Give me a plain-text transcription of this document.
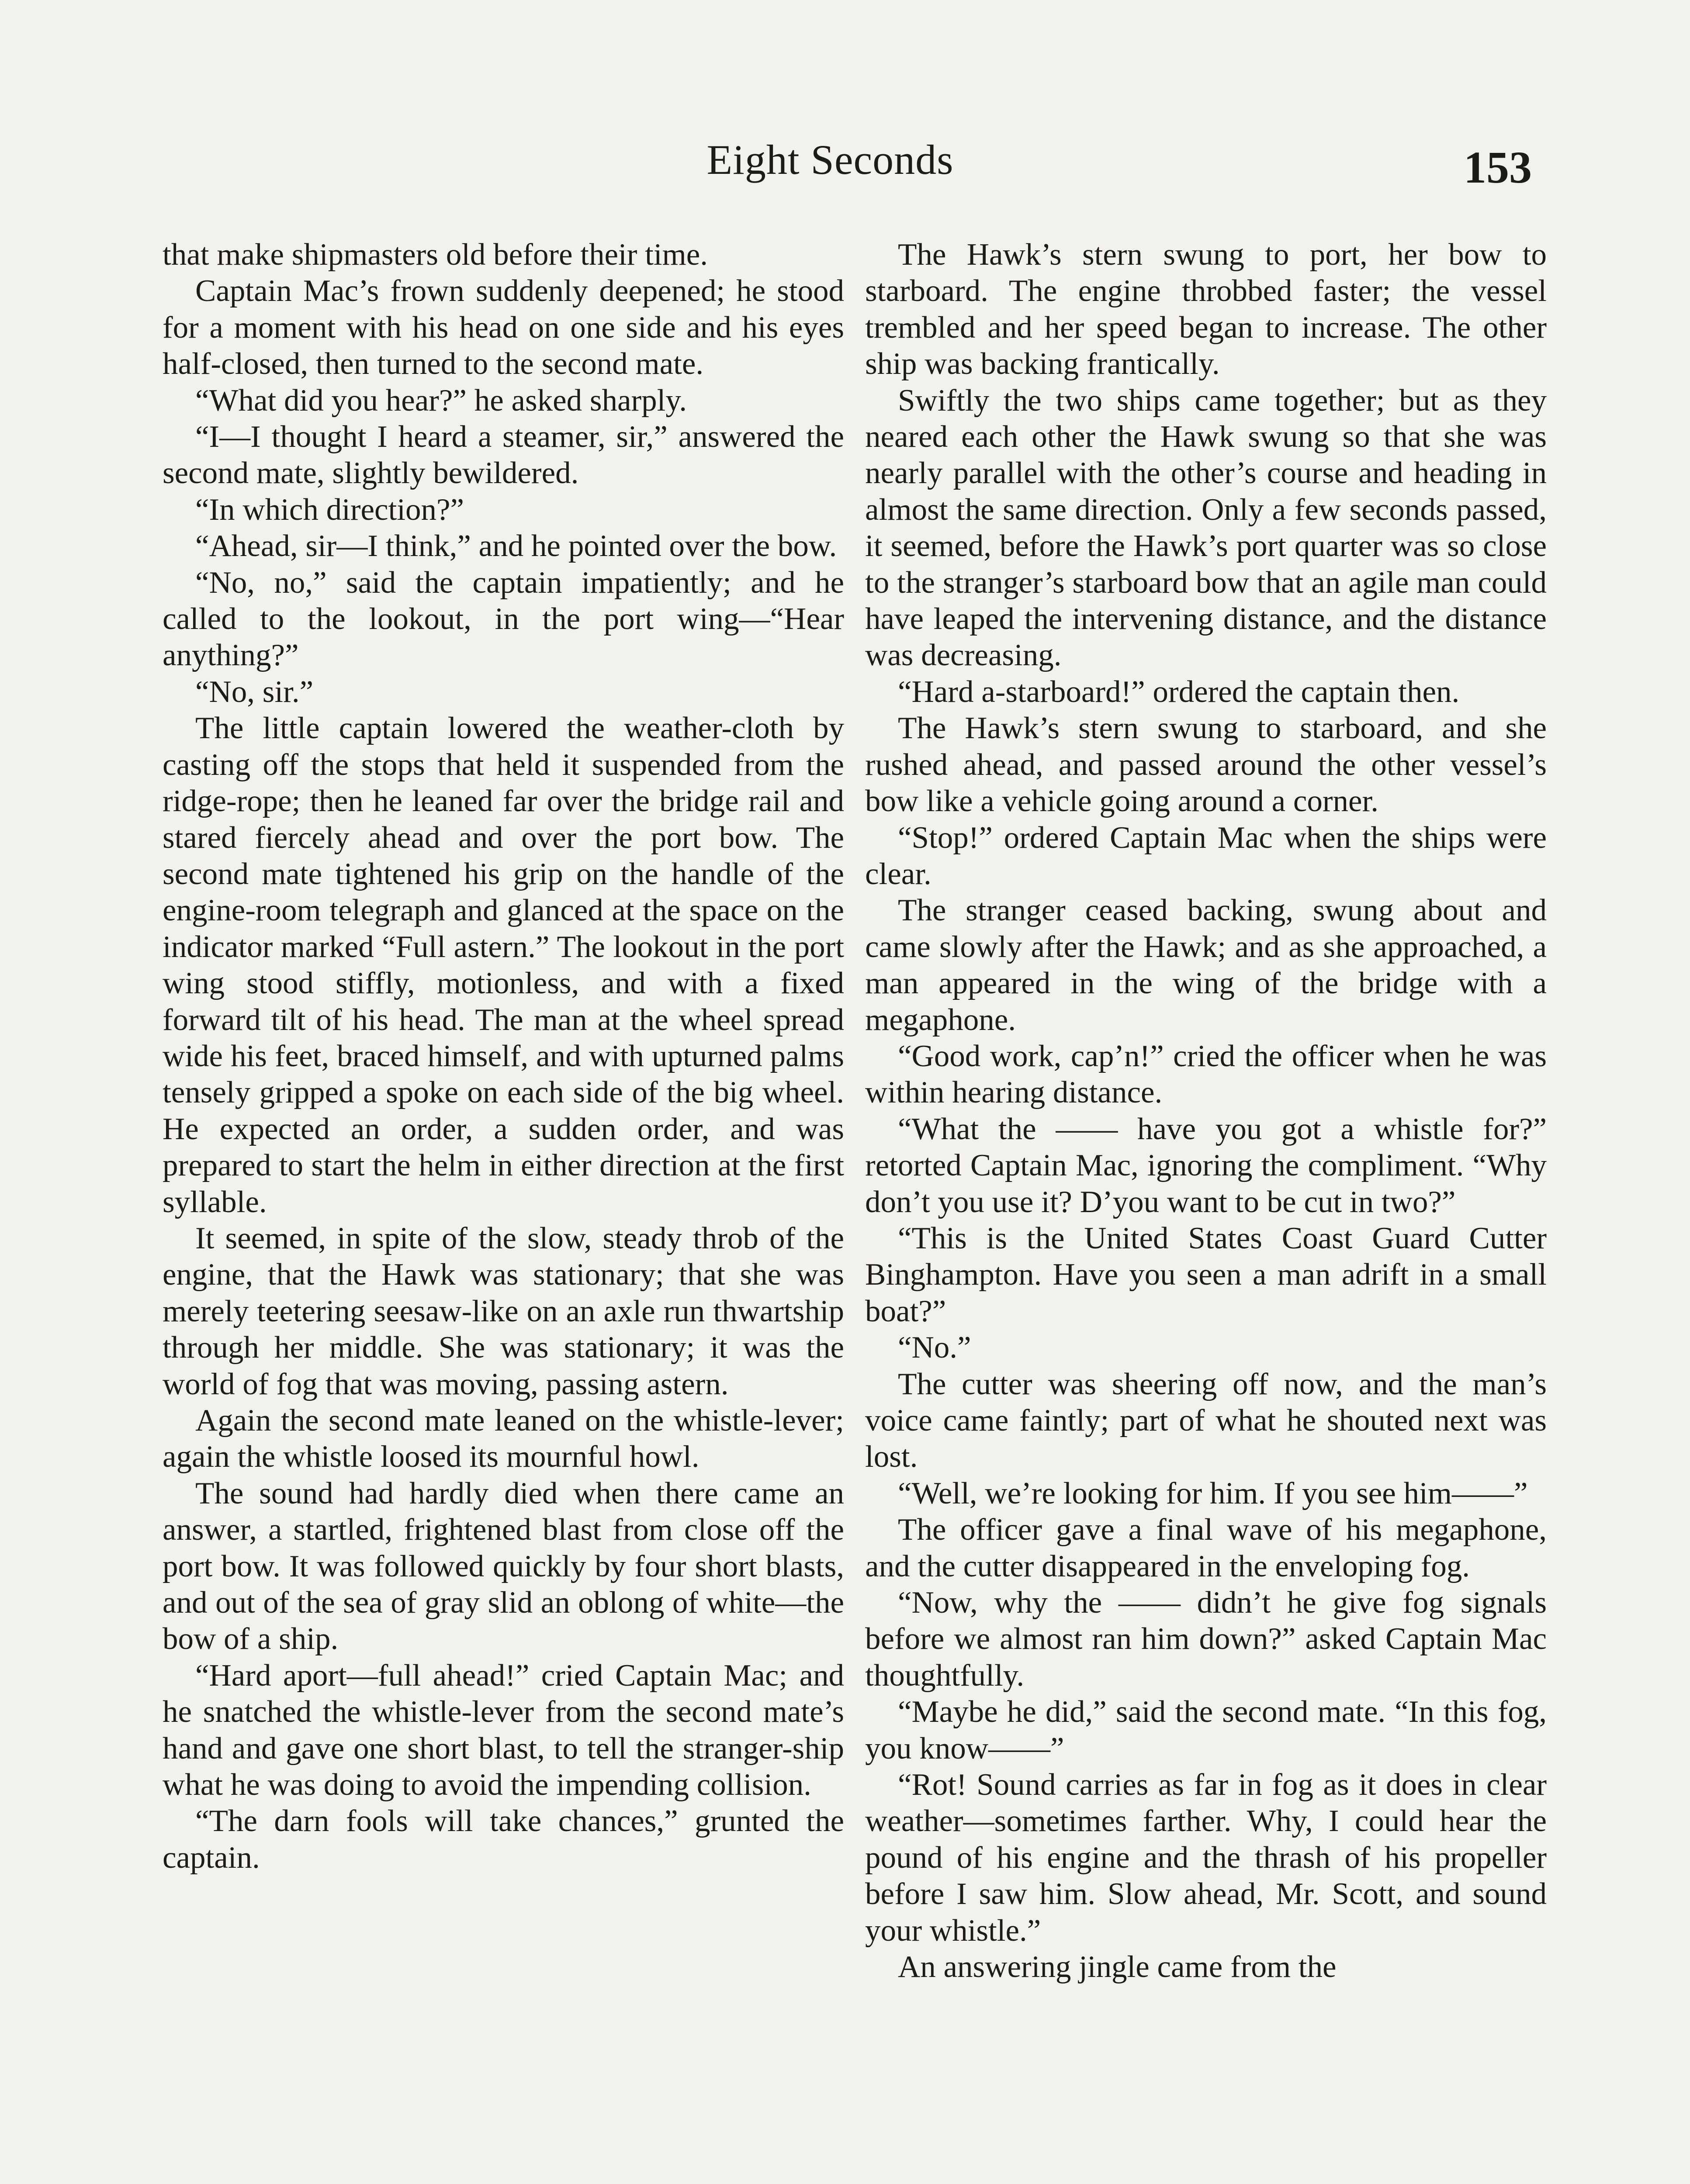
Eight Seconds	153

that make shipmasters old before their time.

Captain Mac’s frown suddenly deepened; he stood for a moment with his head on one side and his eyes half-closed, then turned to the second mate.

“What did you hear?” he asked sharply.

“I—I thought I heard a steamer, sir,” answered the second mate, slightly bewildered.

“In which direction?”

“Ahead, sir—I think,” and he pointed over the bow.

“No, no,” said the captain impatiently; and he called to the lookout, in the port wing—“Hear anything?”

“No, sir.”

The little captain lowered the weather-cloth by casting off the stops that held it suspended from the ridge-rope; then he leaned far over the bridge rail and stared fiercely ahead and over the port bow. The second mate tightened his grip on the handle of the engine-room telegraph and glanced at the space on the indicator marked “Full astern.” The lookout in the port wing stood stiffly, motionless, and with a fixed forward tilt of his head. The man at the wheel spread wide his feet, braced himself, and with upturned palms tensely gripped a spoke on each side of the big wheel. He expected an order, a sudden order, and was prepared to start the helm in either direction at the first syllable.

It seemed, in spite of the slow, steady throb of the engine, that the Hawk was stationary; that she was merely teetering seesaw-like on an axle run thwartship through her middle. She was stationary; it was the world of fog that was moving, passing astern.

Again the second mate leaned on the whistle-lever; again the whistle loosed its mournful howl.

The sound had hardly died when there came an answer, a startled, frightened blast from close off the port bow. It was followed quickly by four short blasts, and out of the sea of gray slid an oblong of white—the bow of a ship.

“Hard aport—full ahead!” cried Captain Mac; and he snatched the whistle-lever from the second mate’s hand and gave one short blast, to tell the stranger-ship what he was doing to avoid the impending collision.

“The darn fools will take chances,” grunted the captain.

The Hawk’s stern swung to port, her bow to starboard. The engine throbbed faster; the vessel trembled and her speed began to increase. The other ship was backing frantically.

Swiftly the two ships came together; but as they neared each other the Hawk swung so that she was nearly parallel with the other’s course and heading in almost the same direction. Only a few seconds passed, it seemed, before the Hawk’s port quarter was so close to the stranger’s starboard bow that an agile man could have leaped the intervening distance, and the distance was decreasing.

“Hard a-starboard!” ordered the captain then.

The Hawk’s stern swung to starboard, and she rushed ahead, and passed around the other vessel’s bow like a vehicle going around a corner.

“Stop!” ordered Captain Mac when the ships were clear.

The stranger ceased backing, swung about and came slowly after the Hawk; and as she approached, a man appeared in the wing of the bridge with a megaphone.

“Good work, cap’n!” cried the officer when he was within hearing distance.

“What the —— have you got a whistle for?” retorted Captain Mac, ignoring the compliment. “Why don’t you use it? D’you want to be cut in two?”

“This is the United States Coast Guard Cutter Binghampton. Have you seen a man adrift in a small boat?”

“No.”

The cutter was sheering off now, and the man’s voice came faintly; part of what he shouted next was lost.

“Well, we’re looking for him. If you see him——”

The officer gave a final wave of his megaphone, and the cutter disappeared in the enveloping fog.

“Now, why the —— didn’t he give fog signals before we almost ran him down?” asked Captain Mac thoughtfully.

“Maybe he did,” said the second mate. “In this fog, you know——”

“Rot! Sound carries as far in fog as it does in clear weather—sometimes farther. Why, I could hear the pound of his engine and the thrash of his propeller before I saw him. Slow ahead, Mr. Scott, and sound your whistle.”

An answering jingle came from the
